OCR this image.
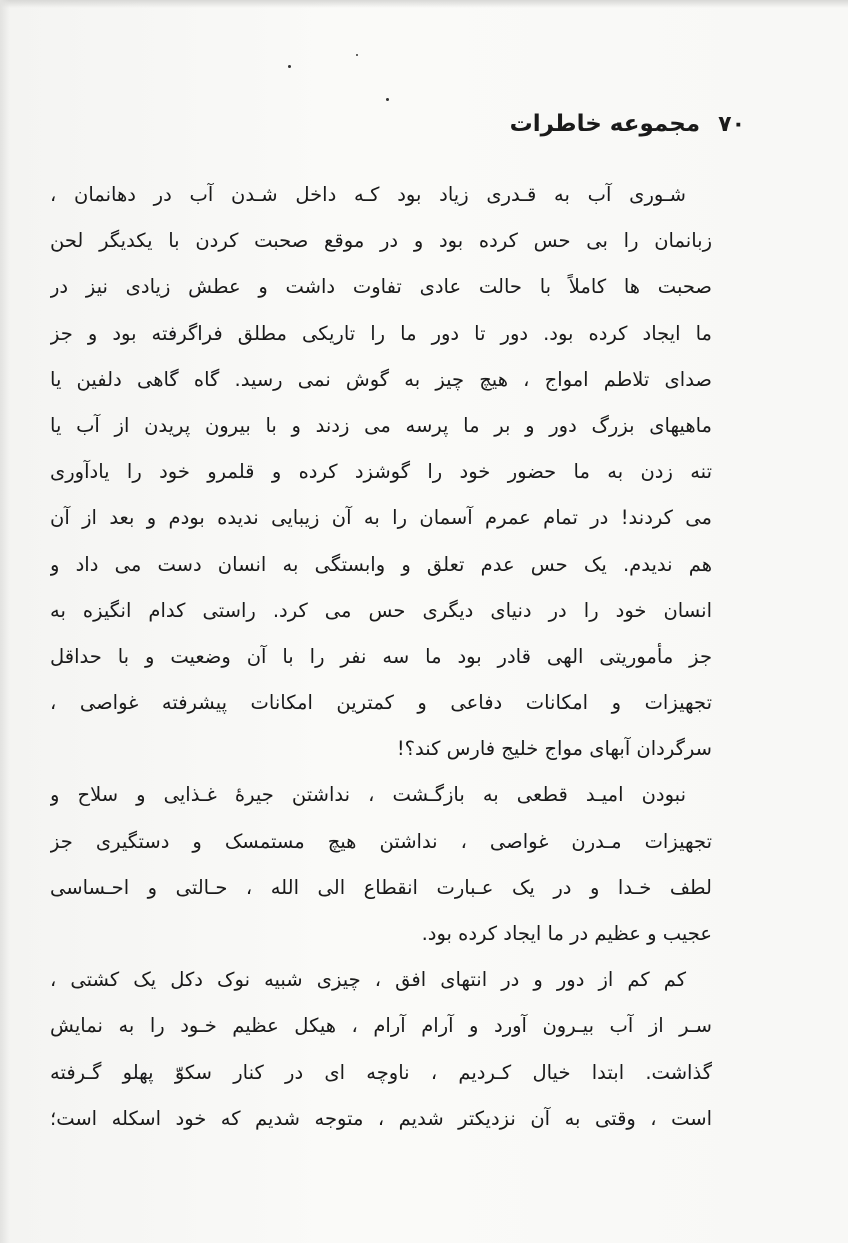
۷۰
مجموعه خاطرات
شـوری آب به قـدری زیاد بود کـه داخل شـدن آب در دهانمان ،
زبانمان را بی حس کرده بود و در موقع صحبت کردن با یکدیگر لحن
صحبت ها کاملاً با حالت عادی تفاوت داشت و عطش زیادی نیز در
ما ایجاد کرده بود. دور تا دور ما را تاریکی مطلق فراگرفته بود و جز
صدای تلاطم امواج ، هیچ چیز به گوش نمی رسید. گاه گاهی دلفین یا
ماهیهای بزرگ دور و بر ما پرسه می زدند و با بیرون پریدن از آب یا
تنه زدن به ما حضور خود را گوشزد کرده و قلمرو خود را یادآوری
می کردند! در تمام عمرم آسمان را به آن زیبایی ندیده بودم و بعد از آن
هم ندیدم. یک حس عدم تعلق و وابستگی به انسان دست می داد و
انسان خود را در دنیای دیگری حس می کرد. راستی کدام انگیزه به
جز مأموریتی الهی قادر بود ما سه نفر را با آن وضعیت و با حداقل
تجهیزات و امکانات دفاعی و کمترین امکانات پیشرفته غواصی ،
سرگردان آبهای مواج خلیج فارس کند؟!
نبودن امیـد قطعی به بازگـشت ، نداشتن جیرهٔ غـذایی و سلاح و
تجهیزات مـدرن غواصی ، نداشتن هیچ مستمسک و دستگیری جز
لطف خـدا و در یک عـبارت انقطاع الی الله ، حـالتی و احـساسی
عجیب و عظیم در ما ایجاد کرده بود.
کم کم از دور و در انتهای افق ، چیزی شبیه نوک دکل یک کشتی ،
سـر از آب بیـرون آورد و آرام آرام ، هیکل عظیم خـود را به نمایش
گذاشت. ابتدا خیال کـردیم ، ناوچه ای در کنار سکوّ پهلو گـرفته
است ، وقتی به آن نزدیکتر شدیم ، متوجه شدیم که خود اسکله است؛
